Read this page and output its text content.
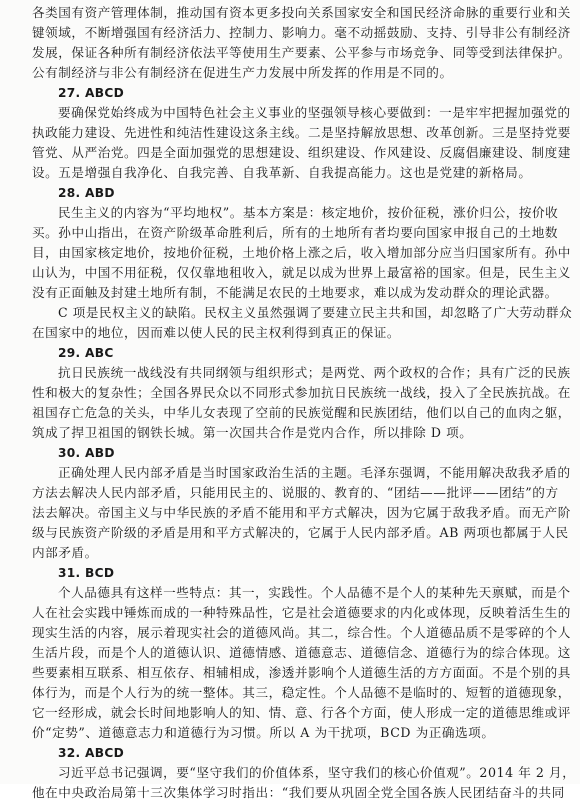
各类国有资产管理体制，推动国有资本更多投向关系国家安全和国民经济命脉的重要行业和关
键领域，不断增强国有经济活力、控制力、影响力。毫不动摇鼓励、支持、引导非公有制经济
发展，保证各种所有制经济依法平等使用生产要素、公平参与市场竞争、同等受到法律保护。
公有制经济与非公有制经济在促进生产力发展中所发挥的作用是不同的。
27. ABCD
要确保党始终成为中国特色社会主义事业的坚强领导核心要做到：一是牢牢把握加强党的
执政能力建设、先进性和纯洁性建设这条主线。二是坚持解放思想、改革创新。三是坚持党要
管党、从严治党。四是全面加强党的思想建设、组织建设、作风建设、反腐倡廉建设、制度建
设。五是增强自我净化、自我完善、自我革新、自我提高能力。这也是党建的新格局。
28. ABD
民生主义的内容为“平均地权”。基本方案是：核定地价，按价征税，涨价归公，按价收
买。孙中山指出，在资产阶级革命胜利后，所有的土地所有者均要向国家申报自己的土地数
目，由国家核定地价，按地价征税，土地价格上涨之后，收入增加部分应当归国家所有。孙中
山认为，中国不用征税，仅仅靠地租收入，就足以成为世界上最富裕的国家。但是，民生主义
没有正面触及封建土地所有制，不能满足农民的土地要求，难以成为发动群众的理论武器。
C 项是民权主义的缺陷。民权主义虽然强调了要建立民主共和国，却忽略了广大劳动群众
在国家中的地位，因而难以使人民的民主权利得到真正的保证。
29. ABC
抗日民族统一战线没有共同纲领与组织形式；是两党、两个政权的合作；具有广泛的民族
性和极大的复杂性；全国各界民众以不同形式参加抗日民族统一战线，投入了全民族抗战。在
祖国存亡危急的关头，中华儿女表现了空前的民族觉醒和民族团结，他们以自己的血肉之躯，
筑成了捍卫祖国的钢铁长城。第一次国共合作是党内合作，所以排除 D 项。
30. ABD
正确处理人民内部矛盾是当时国家政治生活的主题。毛泽东强调，不能用解决敌我矛盾的
方法去解决人民内部矛盾，只能用民主的、说服的、教育的、“团结——批评——团结”的方
法去解决。帝国主义与中华民族的矛盾不能用和平方式解决，因为它属于敌我矛盾。而无产阶
级与民族资产阶级的矛盾是用和平方式解决的，它属于人民内部矛盾。AB 两项也都属于人民
内部矛盾。
31. BCD
个人品德具有这样一些特点：其一，实践性。个人品德不是个人的某种先天禀赋，而是个
人在社会实践中锤炼而成的一种特殊品性，它是社会道德要求的内化或体现，反映着活生生的
现实生活的内容，展示着现实社会的道德风尚。其二，综合性。个人道德品质不是零碎的个人
生活片段，而是个人的道德认识、道德情感、道德意志、道德信念、道德行为的综合体现。这
些要素相互联系、相互依存、相辅相成，渗透并影响个人道德生活的方方面面。不是个别的具
体行为，而是个人行为的统一整体。其三，稳定性。个人品德不是临时的、短暂的道德现象，
它一经形成，就会长时间地影响人的知、情、意、行各个方面，使人形成一定的道德思维或评
价“定势”、道德意志力和道德行为习惯。所以 A 为干扰项，BCD 为正确选项。
32. ABCD
习近平总书记强调，要“坚守我们的价值体系，坚守我们的核心价值观”。2014 年 2 月，
他在中央政治局第十三次集体学习时指出：“我们要从巩固全党全国各族人民团结奋斗的共同
